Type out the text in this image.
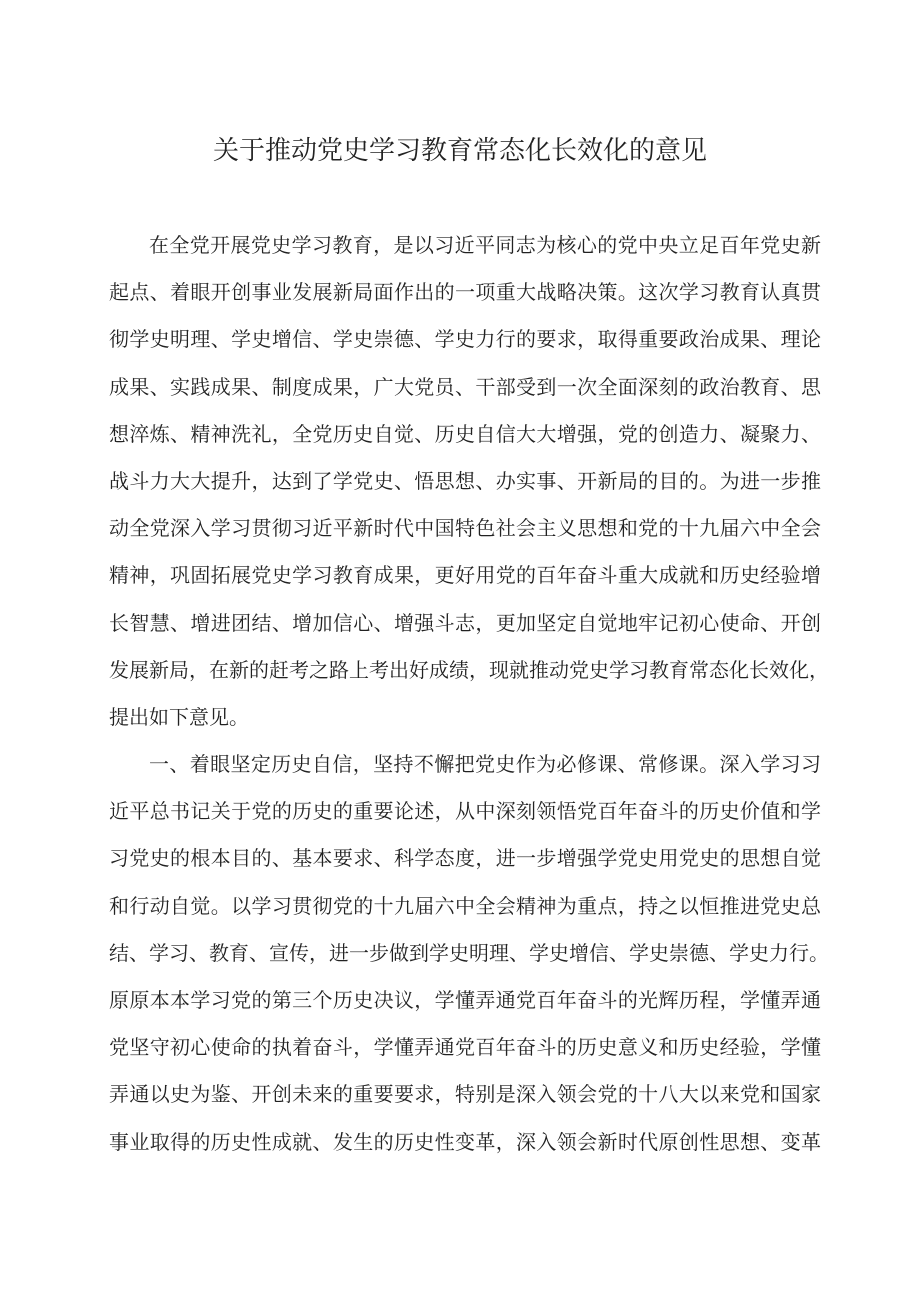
关于推动党史学习教育常态化长效化的意见
在全党开展党史学习教育，是以习近平同志为核心的党中央立足百年党史新
起点、着眼开创事业发展新局面作出的一项重大战略决策。这次学习教育认真贯
彻学史明理、学史增信、学史崇德、学史力行的要求，取得重要政治成果、理论
成果、实践成果、制度成果，广大党员、干部受到一次全面深刻的政治教育、思
想淬炼、精神洗礼，全党历史自觉、历史自信大大增强，党的创造力、凝聚力、
战斗力大大提升，达到了学党史、悟思想、办实事、开新局的目的。为进一步推
动全党深入学习贯彻习近平新时代中国特色社会主义思想和党的十九届六中全会
精神，巩固拓展党史学习教育成果，更好用党的百年奋斗重大成就和历史经验增
长智慧、增进团结、增加信心、增强斗志，更加坚定自觉地牢记初心使命、开创
发展新局，在新的赶考之路上考出好成绩，现就推动党史学习教育常态化长效化，
提出如下意见。
一、着眼坚定历史自信，坚持不懈把党史作为必修课、常修课。深入学习习
近平总书记关于党的历史的重要论述，从中深刻领悟党百年奋斗的历史价值和学
习党史的根本目的、基本要求、科学态度，进一步增强学党史用党史的思想自觉
和行动自觉。以学习贯彻党的十九届六中全会精神为重点，持之以恒推进党史总
结、学习、教育、宣传，进一步做到学史明理、学史增信、学史崇德、学史力行。
原原本本学习党的第三个历史决议，学懂弄通党百年奋斗的光辉历程，学懂弄通
党坚守初心使命的执着奋斗，学懂弄通党百年奋斗的历史意义和历史经验，学懂
弄通以史为鉴、开创未来的重要要求，特别是深入领会党的十八大以来党和国家
事业取得的历史性成就、发生的历史性变革，深入领会新时代原创性思想、变革
